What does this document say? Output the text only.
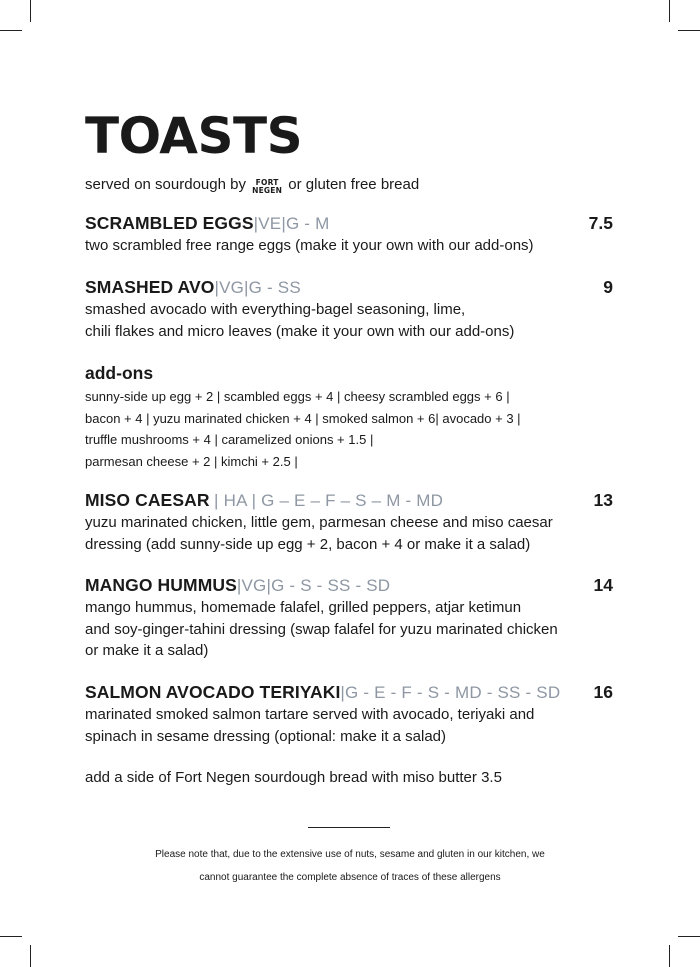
TOASTS
served on sourdough by	FORT
NEGEN or gluten free bread
SCRAMBLED EGGS|VE|G - M	7.5
two scrambled free range eggs (make it your own with our add-ons)
SMASHED AVO|VG|G - SS	9
smashed avocado with everything-bagel seasoning, lime,
chili flakes and micro leaves (make it your own with our add-ons)
add-ons
sunny-side up egg + 2 | scambled eggs + 4 | cheesy scrambled eggs + 6 |
bacon + 4 | yuzu marinated chicken + 4 | smoked salmon + 6| avocado + 3 |
truffle mushrooms + 4 | caramelized onions + 1.5 |
parmesan cheese + 2 | kimchi + 2.5 |
MISO CAESAR | HA | G – E – F – S – M - MD	13
yuzu marinated chicken, little gem, parmesan cheese and miso caesar
dressing (add sunny-side up egg + 2, bacon + 4 or make it a salad)
MANGO HUMMUS|VG|G - S - SS - SD	14
mango hummus, homemade falafel, grilled peppers, atjar ketimun
and soy-ginger-tahini dressing (swap falafel for yuzu marinated chicken
or make it a salad)
SALMON AVOCADO TERIYAKI|G - E - F - S - MD - SS - SD 16
marinated smoked salmon tartare served with avocado, teriyaki and
spinach in sesame dressing (optional: make it a salad)
add a side of Fort Negen sourdough bread with miso butter 3.5
Please note that, due to the extensive use of nuts, sesame and gluten in our kitchen, we
cannot guarantee the complete absence of traces of these allergens
